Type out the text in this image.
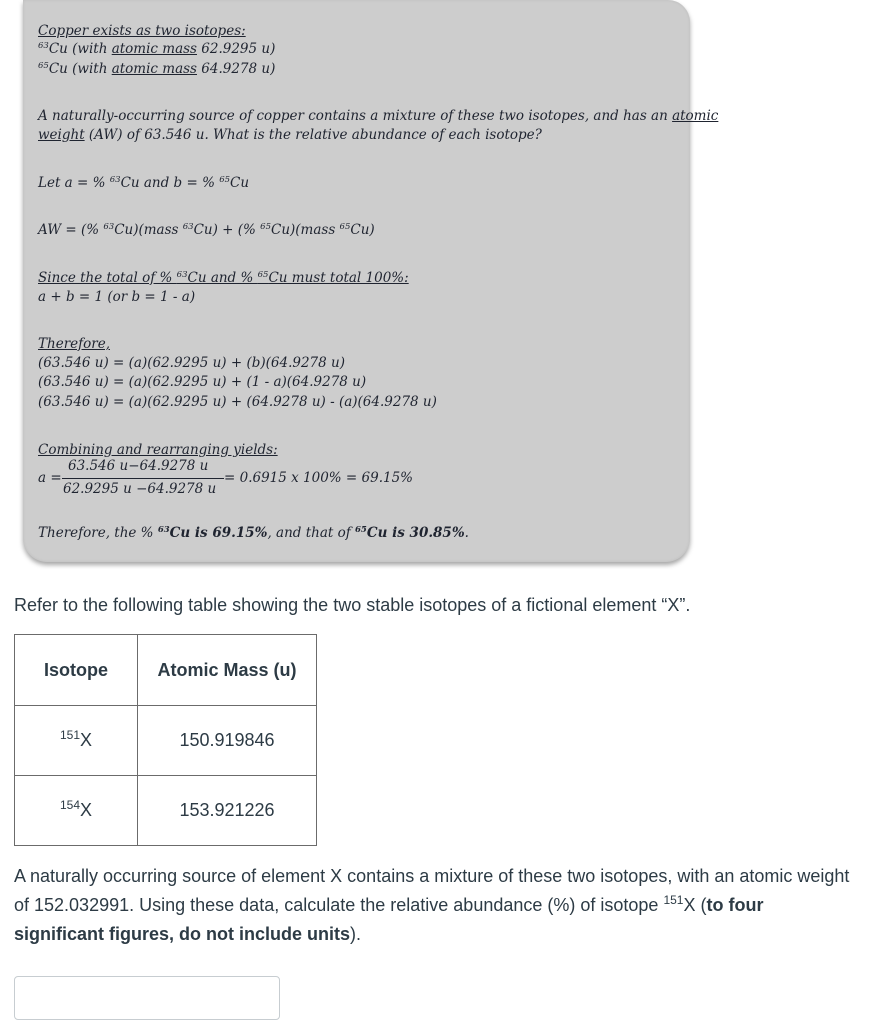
Copper exists as two isotopes:
$^{63}$Cu (with atomic mass 62.9295 u)
$^{65}$Cu (with atomic mass 64.9278 u)
A naturally-occurring source of copper contains a mixture of these two isotopes, and has an atomic
weight (AW) of 63.546 u. What is the relative abundance of each isotope?
Let a = % $^{63}$Cu and b = % $^{65}$Cu
AW = (% $^{63}$Cu)(mass $^{63}$Cu) + (% $^{65}$Cu)(mass $^{65}$Cu)
Since the total of % $^{63}$Cu and % $^{65}$Cu must total 100%:
a + b = 1 (or b = 1 - a)
Therefore,
(63.546 u) = (a)(62.9295 u) + (b)(64.9278 u)
(63.546 u) = (a)(62.9295 u) + (1 - a)(64.9278 u)
(63.546 u) = (a)(62.9295 u) + (64.9278 u) - (a)(64.9278 u)
Combining and rearranging yields:
a =
63.546 u−64.9278 u
62.9295 u −64.9278 u
= 0.6915 x 100% = 69.15%
Therefore, the % $^{63}$Cu is 69.15%, and that of $^{65}$Cu is 30.85%.
Refer to the following table showing the two stable isotopes of a fictional element “X”.
Isotope	Atomic Mass (u)
$^{151}$X	150.919846
$^{154}$X	153.921226
A naturally occurring source of element X contains a mixture of these two isotopes, with an atomic weight of 152.032991. Using these data, calculate the relative abundance (%) of isotope $^{151}$X (to four significant figures, do not include units).
